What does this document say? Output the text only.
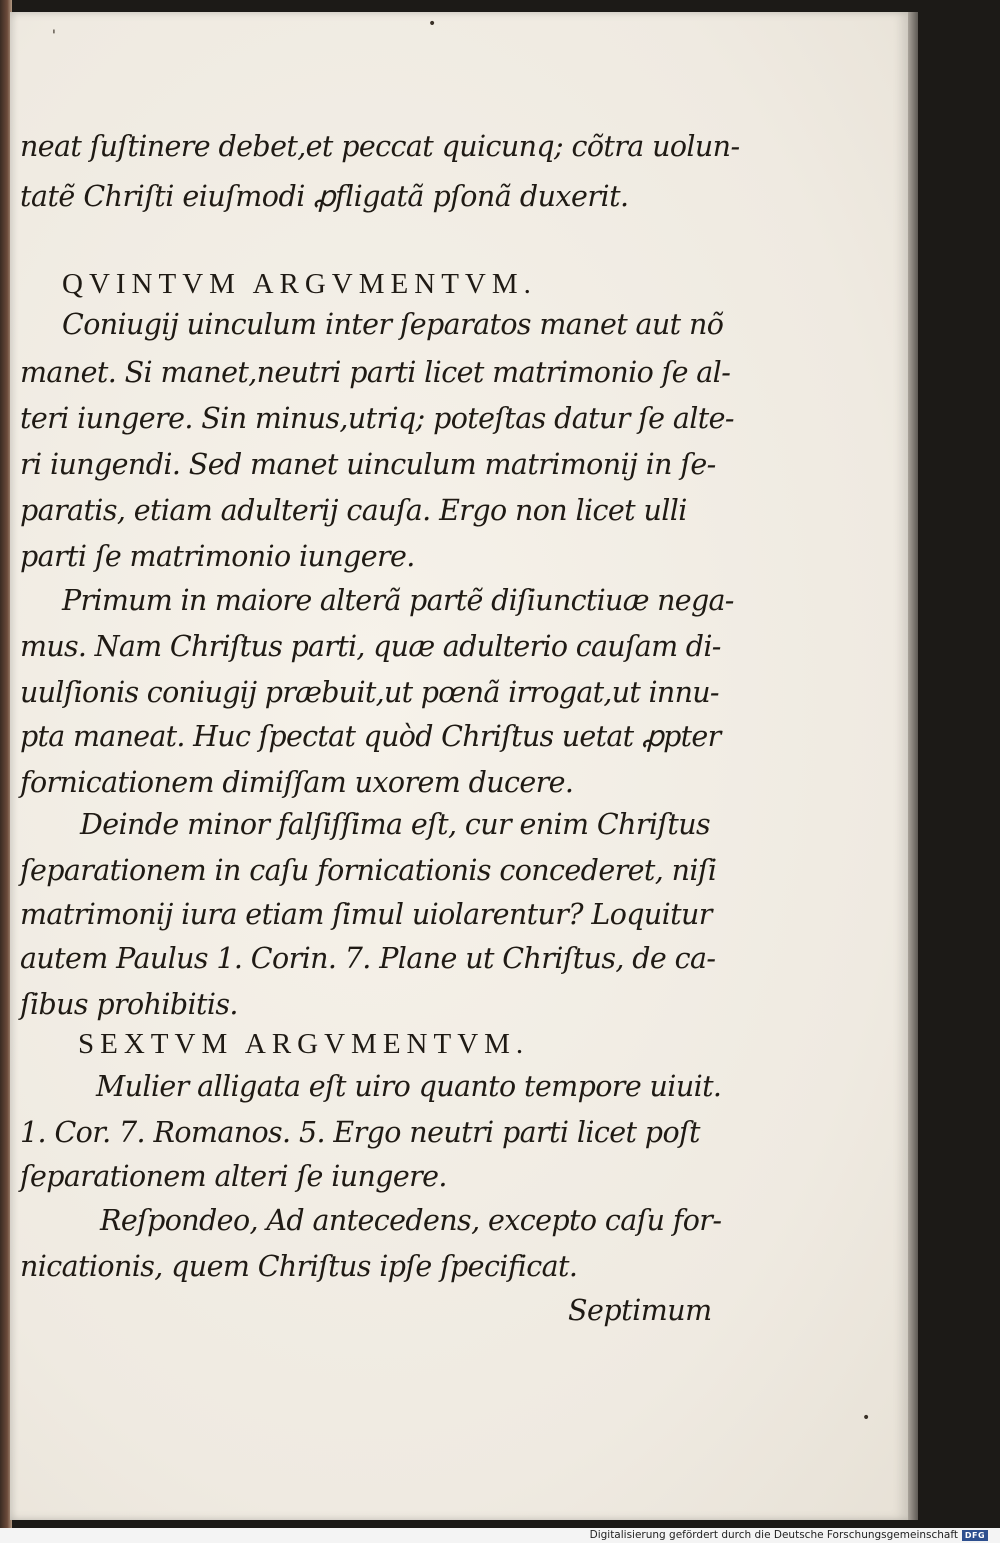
•
'
neat ſuſtinere debet,et peccat quicunq; cõtra uolun-
tatẽ Chriſti eiuſmodi ꝓfligatã pſonã duxerit.
QVINTVM ARGVMENTVM.
Coniugij uinculum inter ſeparatos manet aut nõ
manet. Si manet,neutri parti licet matrimonio ſe al-
teri iungere. Sin minus,utriq; poteſtas datur ſe alte-
ri iungendi. Sed manet uinculum matrimonij in ſe-
paratis, etiam adulterij cauſa. Ergo non licet ulli
parti ſe matrimonio iungere.
Primum in maiore alterã partẽ diſiunctiuæ nega-
mus. Nam Chriſtus parti, quæ adulterio cauſam di-
uulſionis coniugij præbuit,ut pœnã irrogat,ut innu-
pta maneat. Huc ſpectat quòd Chriſtus uetat ꝓpter
fornicationem dimiſſam uxorem ducere.
Deinde minor falſiſſima eſt, cur enim Chriſtus
ſeparationem in caſu fornicationis concederet, niſi
matrimonij iura etiam ſimul uiolarentur? Loquitur
autem Paulus 1. Corin. 7. Plane ut Chriſtus, de ca-
ſibus prohibitis.
SEXTVM ARGVMENTVM.
Mulier alligata eſt uiro quanto tempore uiuit.
1. Cor. 7. Romanos. 5. Ergo neutri parti licet poſt
ſeparationem alteri ſe iungere.
Reſpondeo, Ad antecedens, excepto caſu for-
nicationis, quem Chriſtus ipſe ſpecificat.
Septimum
•
Digitalisierung gefördert durch die Deutsche Forschungsgemeinschaft DFG
